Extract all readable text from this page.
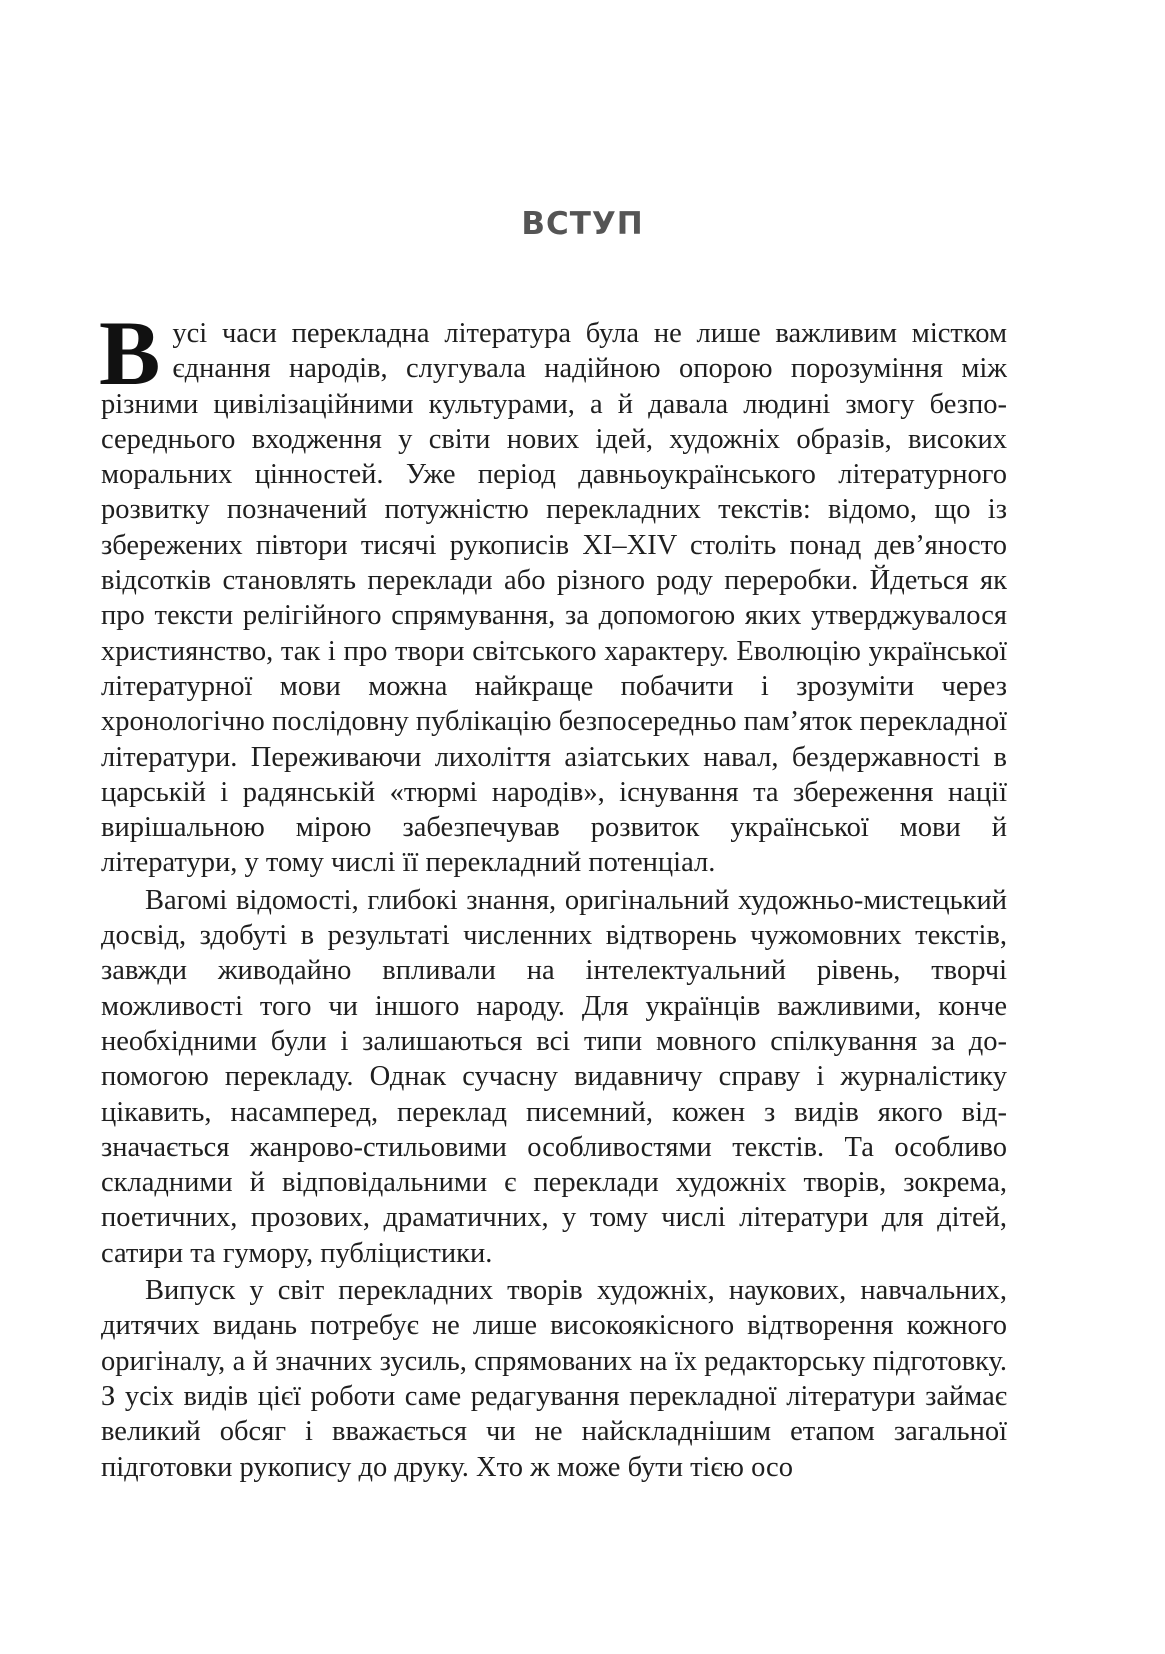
ВСТУП

Вусі часи перекладна література була не лише важливим містком єднання народів, слугувала надійною опорою порозуміння між різними цивілізаційними культурами, а й давала людині змогу безпосереднього входження у світи нових ідей, художніх образів, високих моральних цінностей. Уже період давньоукраїнського літературного розвитку позначений потужністю перекладних текстів: відомо, що із збережених півтори тисячі рукописів XI–XIV століть понад дев’яносто відсотків становлять переклади або різного роду переробки. Йдеться як про тексти релігійного спрямування, за допомогою яких утверджувалося християнство, так і про твори світського характеру. Еволюцію української літературної мови можна найкраще побачити і зрозуміти через хронологічно послідовну публікацію безпосередньо пам’яток перекладної літератури. Переживаючи лихоліття азіатських навал, бездержавності в царській і радянській «тюрмі народів», існування та збереження нації вирішальною мірою забезпечував розвиток української мови й літератури, у тому числі її перекладний потенціал.

Вагомі відомості, глибокі знання, оригінальний художньо-мистецький досвід, здобуті в результаті численних відтворень чужомовних текстів, завжди живодайно впливали на інтелектуальний рівень, творчі можливості того чи іншого народу. Для українців важливими, конче необхідними були і залишаються всі типи мовного спілкування за допомогою перекладу. Однак сучасну видавничу справу і журналістику цікавить, насамперед, переклад писемний, кожен з видів якого відзначається жанрово-стильовими особливостями текстів. Та особливо складними й відповідальними є переклади художніх творів, зокрема, поетичних, прозових, драматичних, у тому числі літератури для дітей, сатири та гумору, публіцистики.

Випуск у світ перекладних творів художніх, наукових, навчальних, дитячих видань потребує не лише високоякісного відтворення кожного оригіналу, а й значних зусиль, спрямованих на їх редакторську підготовку. З усіх видів цієї роботи саме редагування перекладної літератури займає великий обсяг і вважається чи не найскладнішим етапом загальної підготовки рукопису до друку. Хто ж може бути тією осо
